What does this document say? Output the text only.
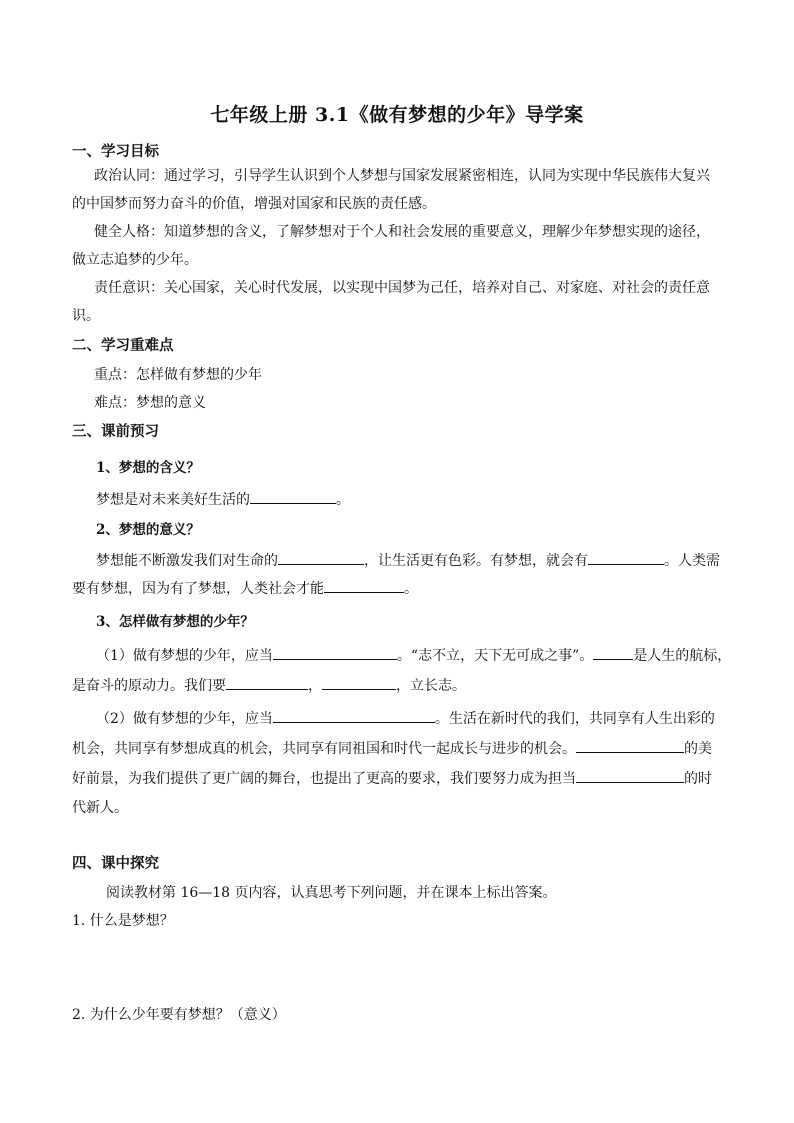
七年级上册 3.1《做有梦想的少年》导学案
一、学习目标
政治认同：通过学习，引导学生认识到个人梦想与国家发展紧密相连，认同为实现中华民族伟大复兴
的中国梦而努力奋斗的价值，增强对国家和民族的责任感。
健全人格：知道梦想的含义，了解梦想对于个人和社会发展的重要意义，理解少年梦想实现的途径，
做立志追梦的少年。
责任意识：关心国家，关心时代发展，以实现中国梦为己任，培养对自己、对家庭、对社会的责任意
识。
二、学习重难点
重点：怎样做有梦想的少年
难点：梦想的意义
三、课前预习
1、梦想的含义？
梦想是对未来美好生活的	。
2、梦想的意义？
梦想能不断激发我们对生命的	，让生活更有色彩。有梦想，就会有	。人类需
要有梦想，因为有了梦想，人类社会才能	。
3、怎样做有梦想的少年？
（1）做有梦想的少年，应当	。“志不立，天下无可成之事”。	是人生的航标，
是奋斗的原动力。我们要	，	，立长志。
（2）做有梦想的少年，应当	。生活在新时代的我们，共同享有人生出彩的
机会，共同享有梦想成真的机会，共同享有同祖国和时代一起成长与进步的机会。	的美
好前景，为我们提供了更广阔的舞台，也提出了更高的要求，我们要努力成为担当	的时
代新人。
四、课中探究
阅读教材第 16—18 页内容，认真思考下列问题，并在课本上标出答案。
1. 什么是梦想？
2. 为什么少年要有梦想？（意义）
